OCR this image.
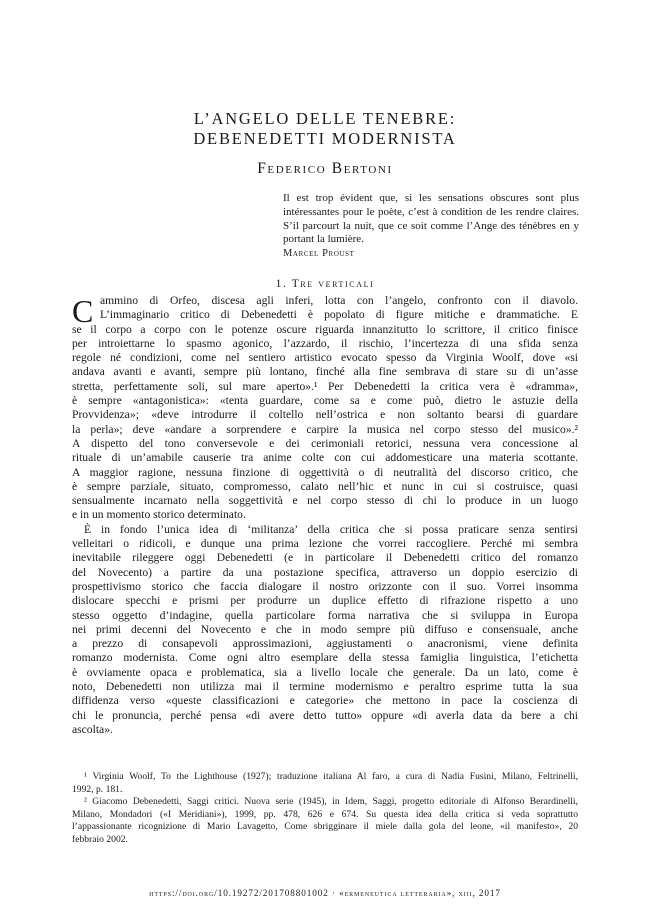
L’ANGELO DELLE TENEBRE:
DEBENEDETTI MODERNISTA

Federico Bertoni

Il est trop évident que, si les sensations obscures sont plus intéressantes pour le poète, c’est à condition de les rendre claires. S’il parcourt la nuit, que ce soit comme l’Ange des ténèbres en y portant la lumière.

Marcel Proust

1. Tre verticali

C ammino di Orfeo, discesa agli inferi, lotta con l’angelo, confronto con il diavolo.
L’immaginario critico di Debenedetti è popolato di figure mitiche e drammatiche. E
se il corpo a corpo con le potenze oscure riguarda innanzitutto lo scrittore, il critico finisce
per introiettarne lo spasmo agonico, l’azzardo, il rischio, l’incertezza di una sfida senza
regole né condizioni, come nel sentiero artistico evocato spesso da Virginia Woolf, dove «si
andava avanti e avanti, sempre più lontano, finché alla fine sembrava di stare su di un’asse
stretta, perfettamente soli, sul mare aperto».¹ Per Debenedetti la critica vera è «dramma»,
è sempre «antagonistica»: «tenta guardare, come sa e come può, dietro le astuzie della
Provvidenza»; «deve introdurre il coltello nell’ostrica e non soltanto bearsi di guardare
la perla»; deve «andare a sorprendere e carpire la musica nel corpo stesso del musico».²
A dispetto del tono conversevole e dei cerimoniali retorici, nessuna vera concessione al
rituale di un’amabile causerie tra anime colte con cui addomesticare una materia scottante.
A maggior ragione, nessuna finzione di oggettività o di neutralità del discorso critico, che
è sempre parziale, situato, compromesso, calato nell’hic et nunc in cui si costruisce, quasi
sensualmente incarnato nella soggettività e nel corpo stesso di chi lo produce in un luogo
e in un momento storico determinato.
È in fondo l’unica idea di ‘militanza’ della critica che si possa praticare senza sentirsi
velleitari o ridicoli, e dunque una prima lezione che vorrei raccogliere. Perché mi sembra
inevitabile rileggere oggi Debenedetti (e in particolare il Debenedetti critico del romanzo
del Novecento) a partire da una postazione specifica, attraverso un doppio esercizio di
prospettivismo storico che faccia dialogare il nostro orizzonte con il suo. Vorrei insomma
dislocare specchi e prismi per produrre un duplice effetto di rifrazione rispetto a uno
stesso oggetto d’indagine, quella particolare forma narrativa che si sviluppa in Europa
nei primi decenni del Novecento e che in modo sempre più diffuso e consensuale, anche
a prezzo di consapevoli approssimazioni, aggiustamenti o anacronismi, viene definita
romanzo modernista. Come ogni altro esemplare della stessa famiglia linguistica, l’etichetta
è ovviamente opaca e problematica, sia a livello locale che generale. Da un lato, come è
noto, Debenedetti non utilizza mai il termine modernismo e peraltro esprime tutta la sua
diffidenza verso «queste classificazioni e categorie» che mettono in pace la coscienza di
chi le pronuncia, perché pensa «di avere detto tutto» oppure «di averla data da bere a chi
ascolta».
¹ Virginia Woolf, To the Lighthouse (1927); traduzione italiana Al faro, a cura di Nadia Fusini, Milano, Feltrinelli,
1992, p. 181.
² Giacomo Debenedetti, Saggi critici. Nuova serie (1945), in Idem, Saggi, progetto editoriale di Alfonso Berardinelli,
Milano, Mondadori («I Meridiani»), 1999, pp. 478, 626 e 674. Su questa idea della critica si veda soprattutto
l’appassionante ricognizione di Mario Lavagetto, Come sbrigginare il miele dalla gola del leone, «il manifesto», 20
febbraio 2002.

https://doi.org/10.19272/201708801002 · «ermeneutica letteraria», xiii, 2017
